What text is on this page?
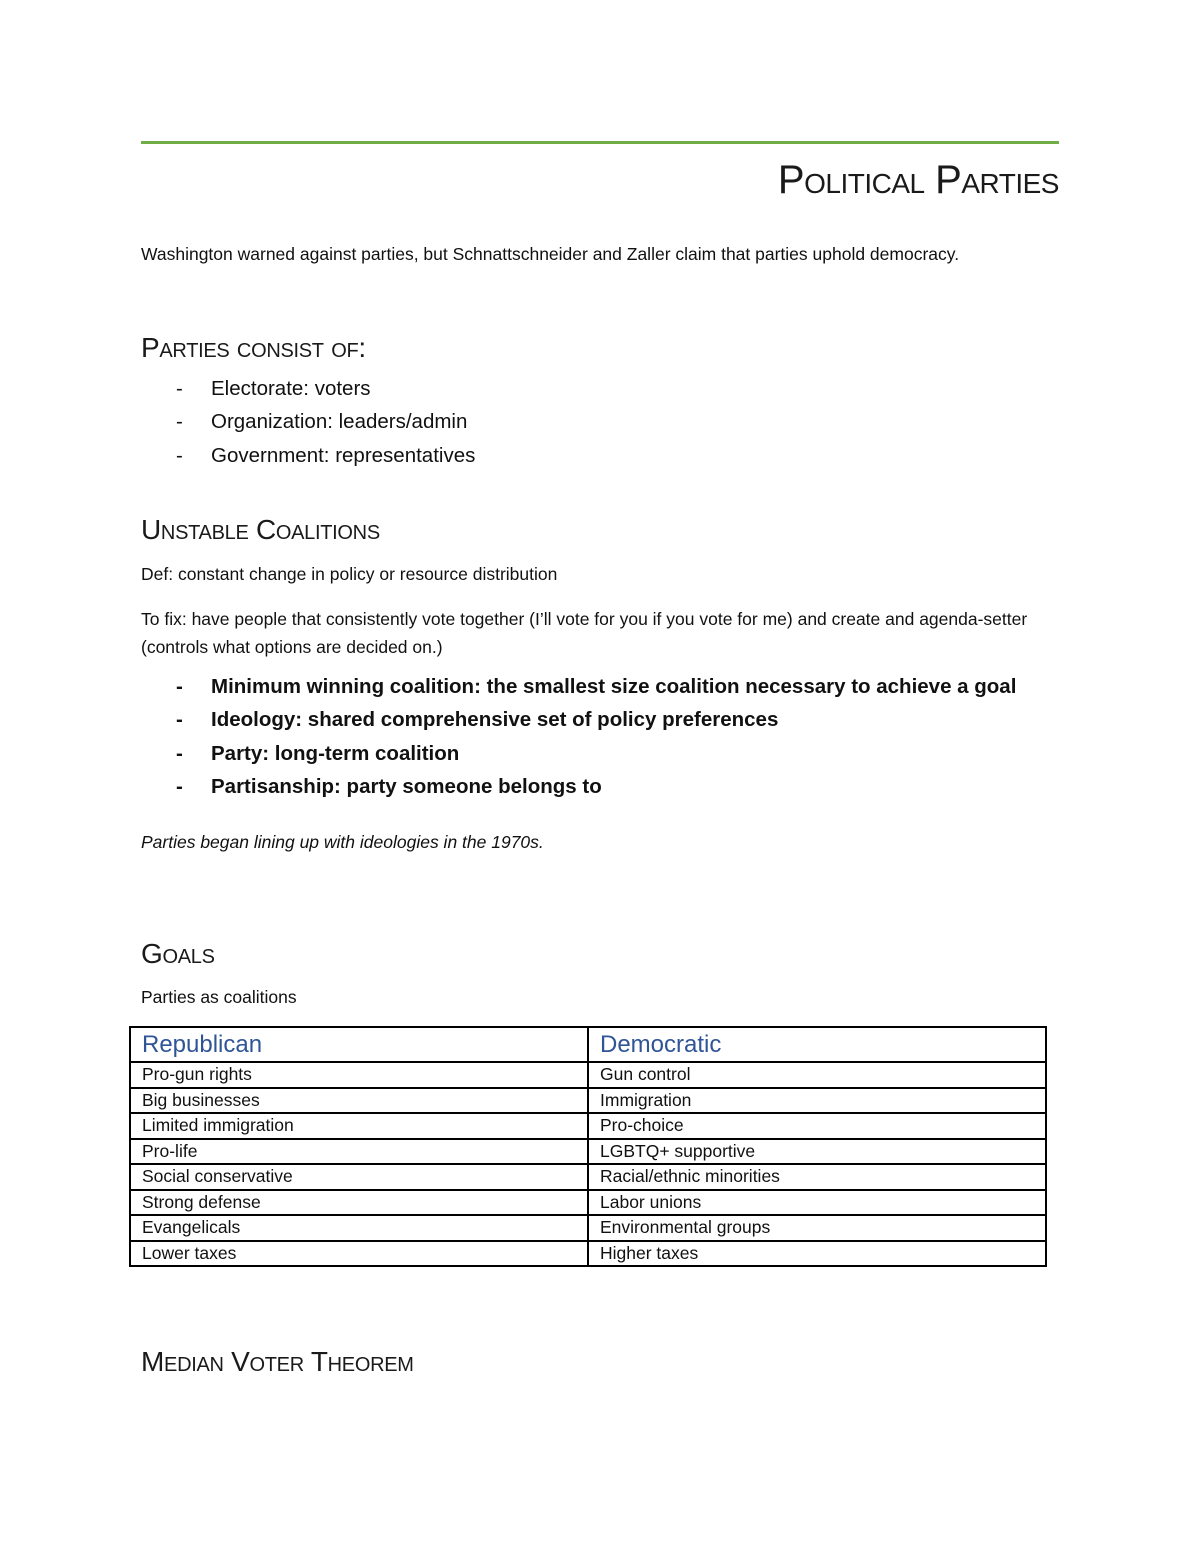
Political Parties
Washington warned against parties, but Schnattschneider and Zaller claim that parties uphold democracy.
Parties consist of:
- Electorate: voters
- Organization: leaders/admin
- Government: representatives
Unstable Coalitions
Def: constant change in policy or resource distribution
To fix: have people that consistently vote together (I’ll vote for you if you vote for me) and create and agenda-setter (controls what options are decided on.)
- Minimum winning coalition: the smallest size coalition necessary to achieve a goal
- Ideology: shared comprehensive set of policy preferences
- Party: long-term coalition
- Partisanship: party someone belongs to
Parties began lining up with ideologies in the 1970s.
Goals
Parties as coalitions
Republican	Democratic
Pro-gun rights	Gun control
Big businesses	Immigration
Limited immigration	Pro-choice
Pro-life	LGBTQ+ supportive
Social conservative	Racial/ethnic minorities
Strong defense	Labor unions
Evangelicals	Environmental groups
Lower taxes	Higher taxes
Median Voter Theorem
